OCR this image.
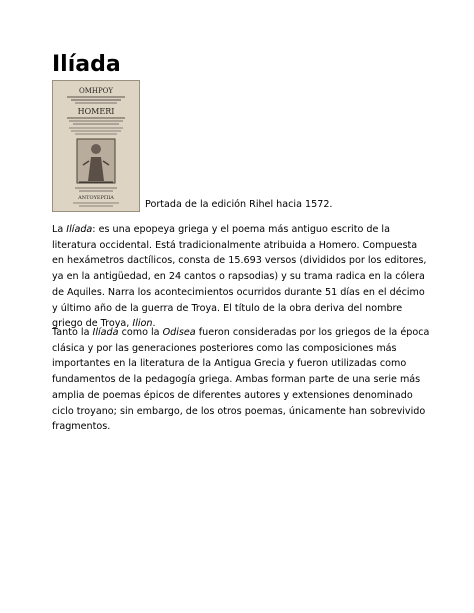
Ilíada
ΟΜΗΡΟΥ
ΗΟΜΕRI
ΑΝΤΟΥΕΡΠΙΑ
Portada de la edición Rihel hacia 1572.

La Ilíada: es una epopeya griega y el poema más antiguo escrito de la literatura occidental. Está tradicionalmente atribuida a Homero. Compuesta en hexámetros dactílicos, consta de 15.693 versos (divididos por los editores, ya en la antigüedad, en 24 cantos o rapsodias) y su trama radica en la cólera de Aquiles. Narra los acontecimientos ocurridos durante 51 días en el décimo y último año de la guerra de Troya. El título de la obra deriva del nombre griego de Troya, Ilion.

Tanto la Ilíada como la Odisea fueron consideradas por los griegos de la época clásica y por las generaciones posteriores como las composiciones más importantes en la literatura de la Antigua Grecia y fueron utilizadas como fundamentos de la pedagogía griega. Ambas forman parte de una serie más amplia de poemas épicos de diferentes autores y extensiones denominado ciclo troyano; sin embargo, de los otros poemas, únicamente han sobrevivido fragmentos.
